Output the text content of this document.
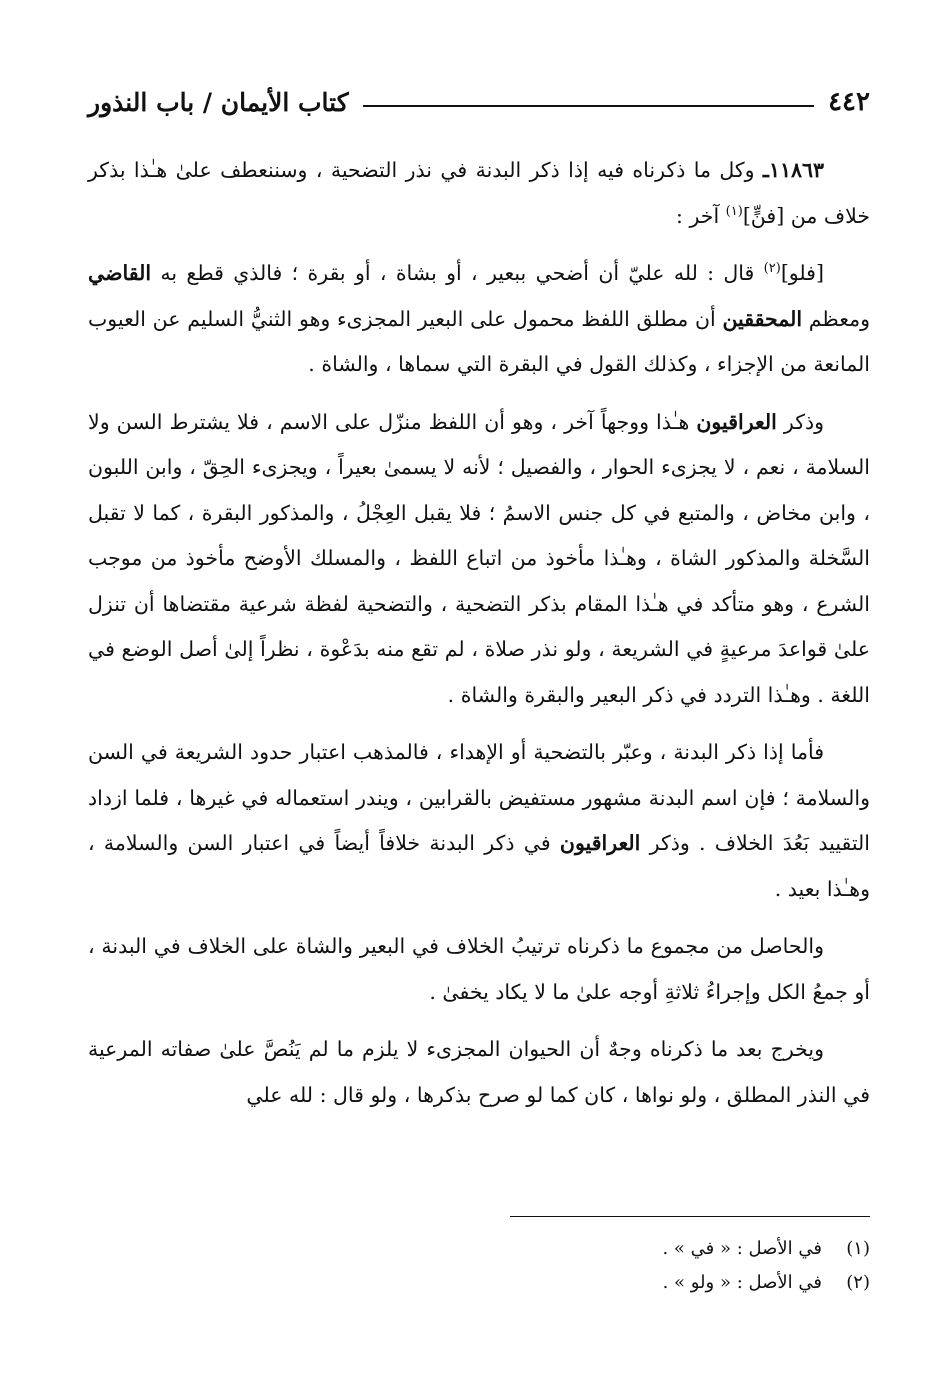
٤٤٢
كتاب الأيمان / باب النذور

١١٨٦٣ـ وكل ما ذكرناه فيه إذا ذكر البدنة في نذر التضحية ، وسننعطف علىٰ هـٰذا بذكر خلاف من [فنٍّ]$^{(١)}$ آخر :

[فلو]$^{(٢)}$ قال : لله عليّ أن أضحي ببعير ، أو بشاة ، أو بقرة ؛ فالذي قطع به القاضي ومعظم المحققين أن مطلق اللفظ محمول على البعير المجزىء وهو الثنيُّ السليم عن العيوب المانعة من الإجزاء ، وكذلك القول في البقرة التي سماها ، والشاة .

وذكر العراقيون هـٰذا ووجهاً آخر ، وهو أن اللفظ منزّل على الاسم ، فلا يشترط السن ولا السلامة ، نعم ، لا يجزىء الحوار ، والفصيل ؛ لأنه لا يسمىٰ بعيراً ، ويجزىء الحِقّ ، وابن اللبون ، وابن مخاض ، والمتبع في كل جنس الاسمُ ؛ فلا يقبل العِجْلُ ، والمذكور البقرة ، كما لا تقبل السَّخلة والمذكور الشاة ، وهـٰذا مأخوذ من اتباع اللفظ ، والمسلك الأوضح مأخوذ من موجب الشرع ، وهو متأكد في هـٰذا المقام بذكر التضحية ، والتضحية لفظة شرعية مقتضاها أن تنزل علىٰ قواعدَ مرعيةٍ في الشريعة ، ولو نذر صلاة ، لم تقع منه بدَعْوة ، نظراً إلىٰ أصل الوضع في اللغة . وهـٰذا التردد في ذكر البعير والبقرة والشاة .

فأما إذا ذكر البدنة ، وعبّر بالتضحية أو الإهداء ، فالمذهب اعتبار حدود الشريعة في السن والسلامة ؛ فإن اسم البدنة مشهور مستفيض بالقرابين ، ويندر استعماله في غيرها ، فلما ازداد التقييد بَعُدَ الخلاف . وذكر العراقيون في ذكر البدنة خلافاً أيضاً في اعتبار السن والسلامة ، وهـٰذا بعيد .

والحاصل من مجموع ما ذكرناه ترتيبُ الخلاف في البعير والشاة على الخلاف في البدنة ، أو جمعُ الكل وإجراءُ ثلاثةِ أوجه علىٰ ما لا يكاد يخفىٰ .

ويخرج بعد ما ذكرناه وجهٌ أن الحيوان المجزىء لا يلزم ما لم يَنُصَّ علىٰ صفاته المرعية في النذر المطلق ، ولو نواها ، كان كما لو صرح بذكرها ، ولو قال : لله علي

(١)
في الأصل : « في » .
(٢)
في الأصل : « ولو » .
